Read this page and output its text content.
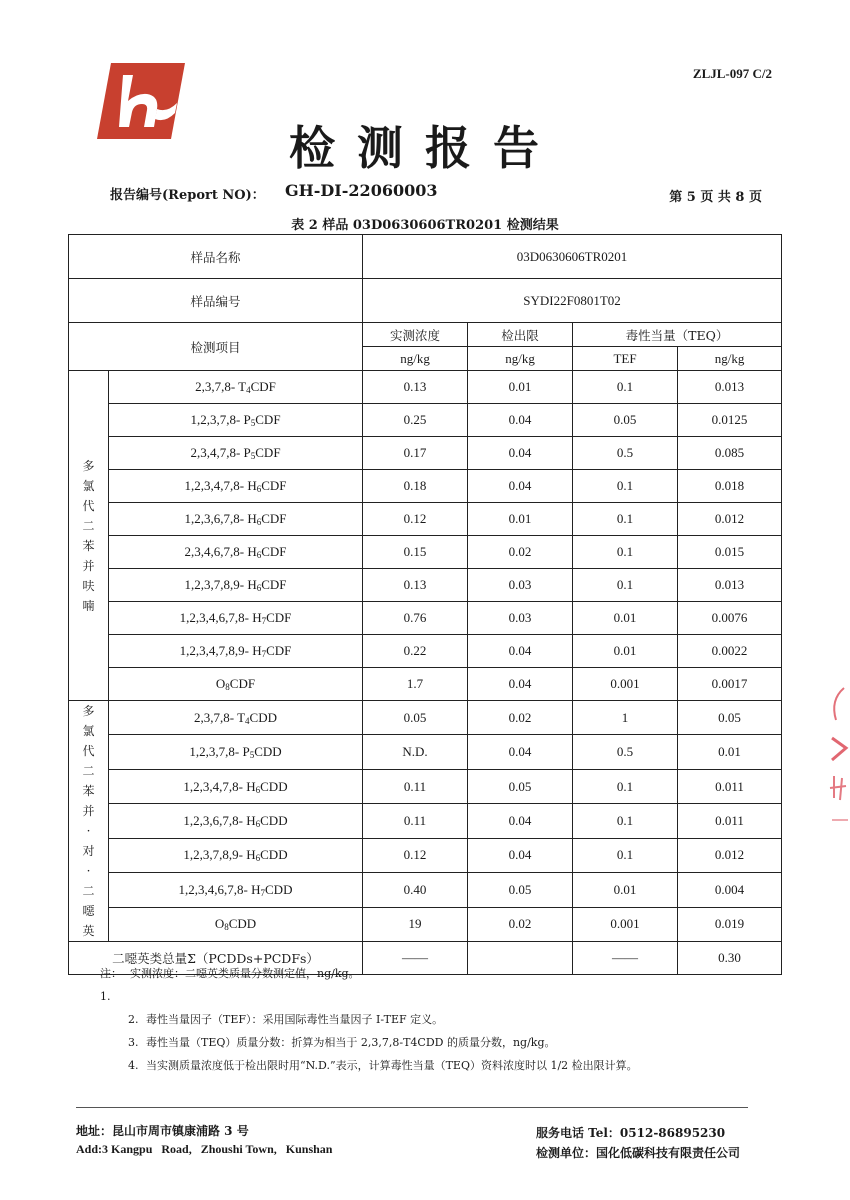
ZLJL-097 C/2
检测报告
报告编号(Report NO)： GH-DI-22060003	第 5 页 共 8 页
表 2 样品 03D0630606TR0201 检测结果
样品名称		03D0630606TR0201			
样品编号		SYDI22F0801T02			
检测项目		实测浓度	检出限	毒性当量（TEQ）	
		ng/kg	ng/kg	TEF	ng/kg
多氯代二苯并呋喃	2,3,7,8- $T_4CDF$	0.13	0.01	0.1	0.013
	1,2,3,7,8- $P_5CDF$	0.25	0.04	0.05	0.0125
	2,3,4,7,8- $P_5CDF$	0.17	0.04	0.5	0.085
	1,2,3,4,7,8- $H_6CDF$	0.18	0.04	0.1	0.018
	1,2,3,6,7,8- $H_6CDF$	0.12	0.01	0.1	0.012
	2,3,4,6,7,8- $H_6CDF$	0.15	0.02	0.1	0.015
	1,2,3,7,8,9- $H_6CDF$	0.13	0.03	0.1	0.013
	1,2,3,4,6,7,8- $H_7CDF$	0.76	0.03	0.01	0.0076
	1,2,3,4,7,8,9- $H_7CDF$	0.22	0.04	0.01	0.0022
	$O_8CDF$	1.7	0.04	0.001	0.0017
多氯代二苯并·对·二噁英	2,3,7,8- $T_4CDD$	0.05	0.02	1	0.05
	1,2,3,7,8- $P_5CDD$	N.D.	0.04	0.5	0.01
	1,2,3,4,7,8- $H_6CDD$	0.11	0.05	0.1	0.011
	1,2,3,6,7,8- $H_6CDD$	0.11	0.04	0.1	0.011
	1,2,3,7,8,9- $H_6CDD$	0.12	0.04	0.1	0.012
	1,2,3,4,6,7,8- $H_7CDD$	0.40	0.05	0.01	0.004
	$O_8CDD$	19	0.02	0.001	0.019
二噁英类总量Σ（PCDDs+PCDFs）		——		——	0.30
注：1.
实测浓度：二噁英类质量分数测定值，ng/kg。
2. 毒性当量因子（TEF）：采用国际毒性当量因子 I-TEF 定义。
3. 毒性当量（TEQ）质量分数：折算为相当于 2,3,7,8-T4CDD 的质量分数，ng/kg。
4. 当实测质量浓度低于检出限时用“N.D.”表示，计算毒性当量（TEQ）资料浓度时以 1/2 检出限计算。
地址：昆山市周市镇康浦路 3 号
Add:3 Kangpu   Road,   Zhoushi Town,   Kunshan
服务电话 Tel：0512-86895230
检测单位：国化低碳科技有限责任公司
